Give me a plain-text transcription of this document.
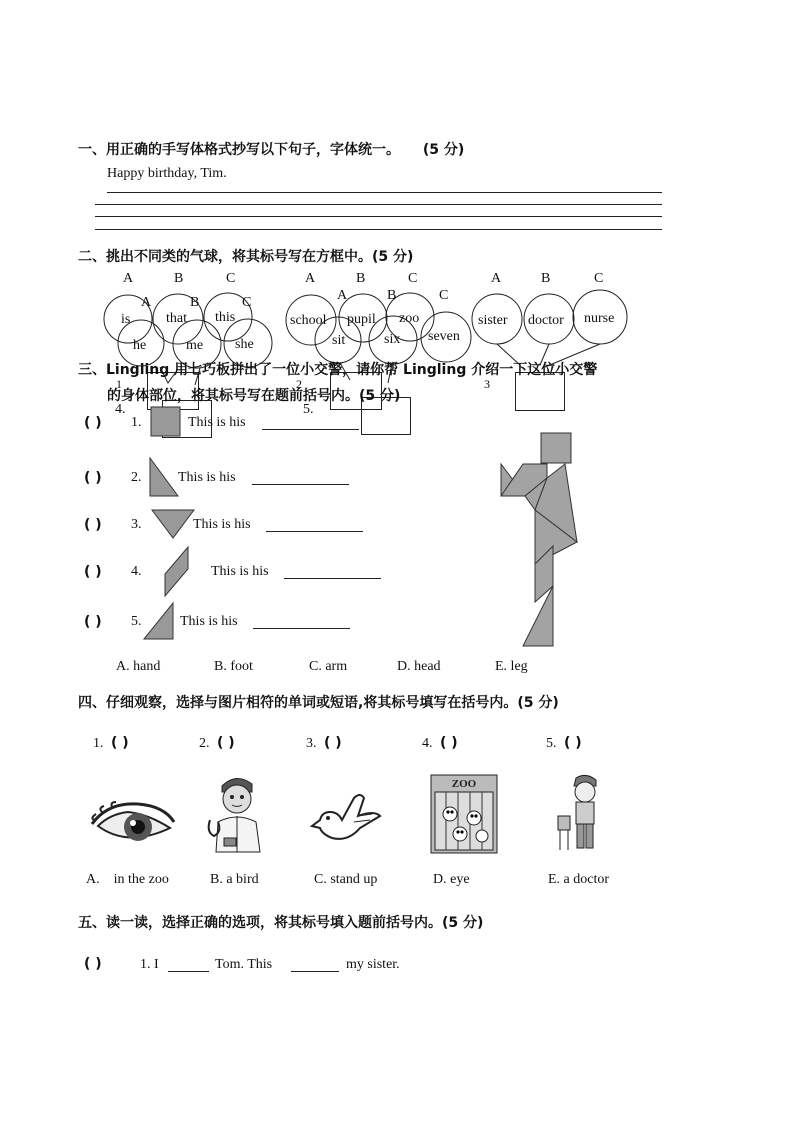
一、用正确的手写体格式抄写以下句子，字体统一。 (5 分)
Happy birthday, Tim.
二、挑出不同类的气球，将其标号写在方框中。(5 分)
A	B	C
A	B	C
A	B	C
A	B	C
A	B	C
is	that this
he	me she
school pupil zoo
sit	six seven
sister doctor nurse
1	2	3
4.	5.
三、Lingling 用七巧板拼出了一位小交警，请你帮 Lingling 介绍一下这位小交警
的身体部位，将其标号写在题前括号内。(5 分)
( ) 1.	This is his
( ) 2.	This is his
( ) 3.	This is his
( ) 4.	This is his
( ) 5.	This is his
A. hand	B. foot	C. arm	D. head	E. leg
四、仔细观察，选择与图片相符的单词或短语,将其标号填写在括号内。(5 分)
1. ( )	2. ( )	3. ( )	4. ( )	5. ( )
ZOO
A.    in the zoo	B. a bird	C. stand up	D. eye	E. a doctor
五、读一读，选择正确的选项，将其标号填入题前括号内。(5 分)
( )	1. I	Tom. This	my sister.
